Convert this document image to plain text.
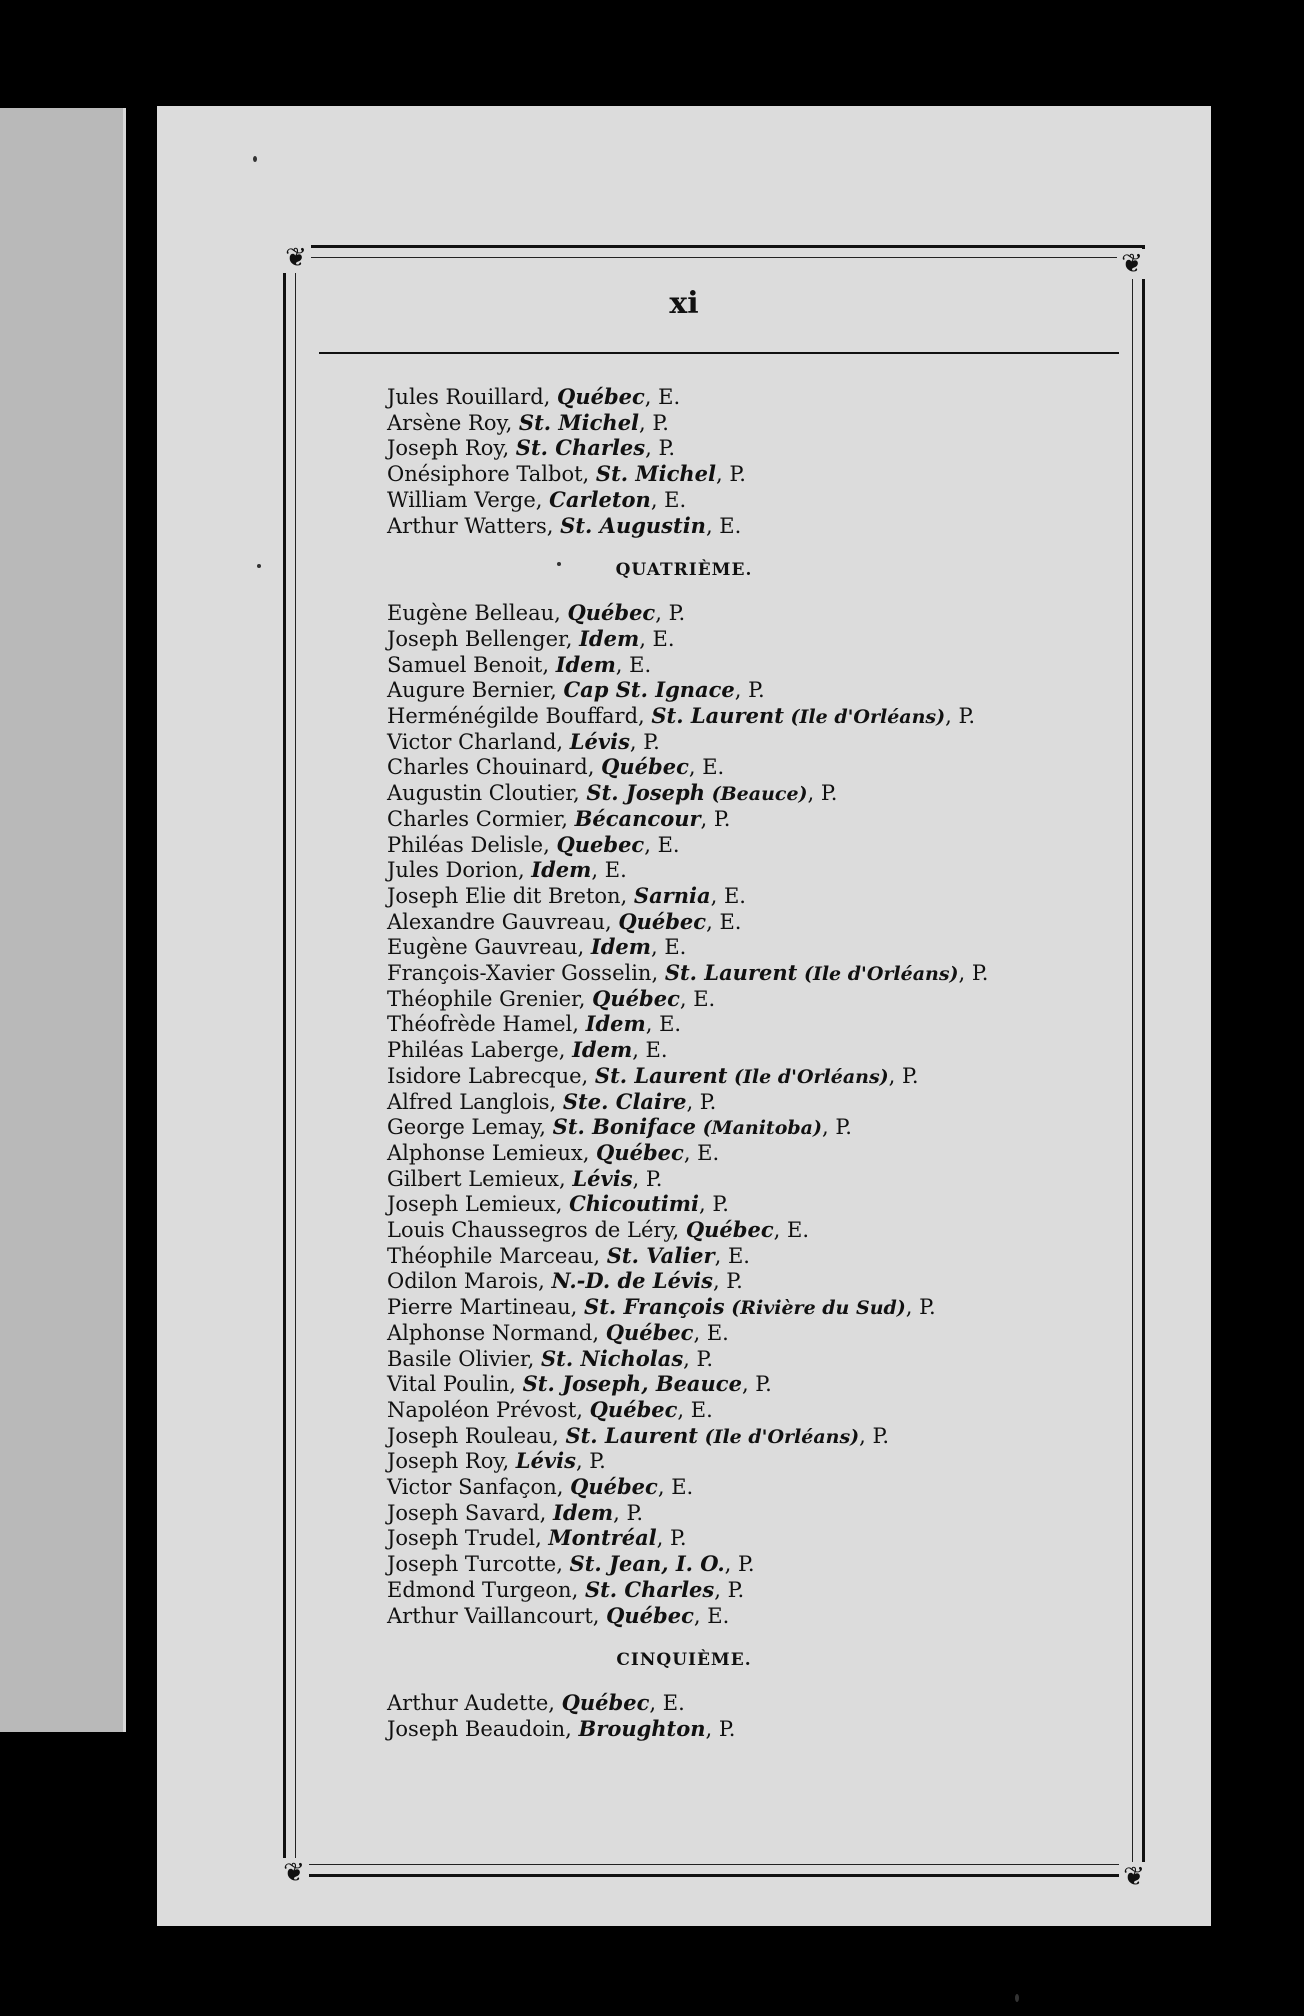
❦	❦
❦	❦
xi
Jules Rouillard, Québec, E.
Arsène Roy, St. Michel, P.
Joseph Roy, St. Charles, P.
Onésiphore Talbot, St. Michel, P.
William Verge, Carleton, E.
Arthur Watters, St. Augustin, E.
QUATRIÈME.
Eugène Belleau, Québec, P.
Joseph Bellenger, Idem, E.
Samuel Benoit, Idem, E.
Augure Bernier, Cap St. Ignace, P.
Herménégilde Bouffard, St. Laurent (Ile d'Orléans), P.
Victor Charland, Lévis, P.
Charles Chouinard, Québec, E.
Augustin Cloutier, St. Joseph (Beauce), P.
Charles Cormier, Bécancour, P.
Philéas Delisle, Quebec, E.
Jules Dorion, Idem, E.
Joseph Elie dit Breton, Sarnia, E.
Alexandre Gauvreau, Québec, E.
Eugène Gauvreau, Idem, E.
François-Xavier Gosselin, St. Laurent (Ile d'Orléans), P.
Théophile Grenier, Québec, E.
Théofrède Hamel, Idem, E.
Philéas Laberge, Idem, E.
Isidore Labrecque, St. Laurent (Ile d'Orléans), P.
Alfred Langlois, Ste. Claire, P.
George Lemay, St. Boniface (Manitoba), P.
Alphonse Lemieux, Québec, E.
Gilbert Lemieux, Lévis, P.
Joseph Lemieux, Chicoutimi, P.
Louis Chaussegros de Léry, Québec, E.
Théophile Marceau, St. Valier, E.
Odilon Marois, N.-D. de Lévis, P.
Pierre Martineau, St. François (Rivière du Sud), P.
Alphonse Normand, Québec, E.
Basile Olivier, St. Nicholas, P.
Vital Poulin, St. Joseph, Beauce, P.
Napoléon Prévost, Québec, E.
Joseph Rouleau, St. Laurent (Ile d'Orléans), P.
Joseph Roy, Lévis, P.
Victor Sanfaçon, Québec, E.
Joseph Savard, Idem, P.
Joseph Trudel, Montréal, P.
Joseph Turcotte, St. Jean, I. O., P.
Edmond Turgeon, St. Charles, P.
Arthur Vaillancourt, Québec, E.
CINQUIÈME.
Arthur Audette, Québec, E.
Joseph Beaudoin, Broughton, P.
